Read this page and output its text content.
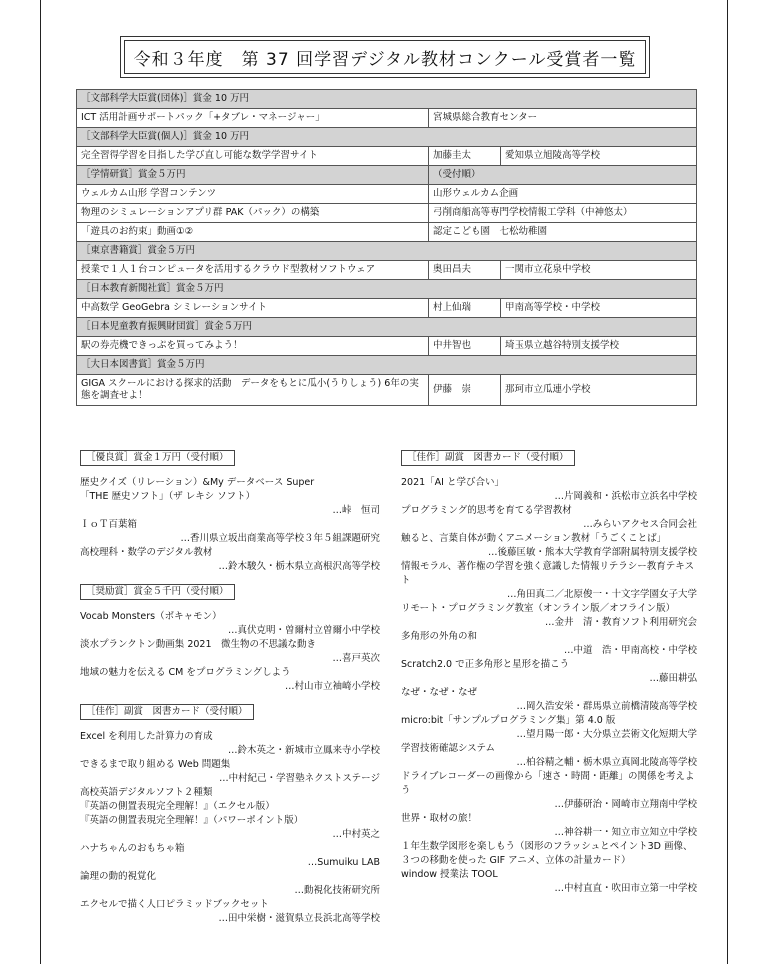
令和３年度　第 37 回学習デジタル教材コンクール受賞者一覧
［文部科学大臣賞(団体)］賞金 10 万円		
ICT 活用計画サポートパック「+タブレ・マネージャー」	宮城県総合教育センター	
［文部科学大臣賞(個人)］賞金 10 万円		
完全習得学習を目指した学び直し可能な数学学習サイト	加藤圭太	愛知県立旭陵高等学校
［学情研賞］賞金５万円	（受付順）	
ウェルカム山形 学習コンテンツ	山形ウェルカム企画	
物理のシミュレーションアプリ群 PAK（パック）の構築	弓削商船高等専門学校情報工学科（中神悠太）	
「遊具のお約束」動画①②	認定こども園　七松幼稚園	
［東京書籍賞］賞金５万円		
授業で１人１台コンピュータを活用するクラウド型教材ソフトウェア	奥田昌夫	一関市立花泉中学校
［日本教育新聞社賞］賞金５万円		
中高数学 GeoGebra シミレーションサイト	村上仙瑞	甲南高等学校・中学校
［日本児童教育振興財団賞］賞金５万円		
駅の券売機できっぷを買ってみよう！	中井智也	埼玉県立越谷特別支援学校
［大日本図書賞］賞金５万円		
GIGA スクールにおける探求的活動　データをもとに瓜小(うりしょう) 6年の実態を調査せよ！	伊藤　崇	那珂市立瓜連小学校
［優良賞］賞金１万円（受付順）
歴史クイズ（リレーション）&My データベース Super
「THE 歴史ソフト」（ザ レキシ ソフト）
…峠　恒司
ＩｏＴ百葉箱
…香川県立坂出商業高等学校３年５組課題研究
高校理科・数学のデジタル教材
…鈴木駿久・栃木県立高根沢高等学校
［奨励賞］賞金５千円（受付順）
Vocab Monsters（ボキャモン）
…真伏克明・曽爾村立曽爾小中学校
淡水プランクトン動画集 2021　微生物の不思議な動き
…喜戸英次
地域の魅力を伝える CM をプログラミングしよう
…村山市立袖崎小学校
［佳作］副賞　図書カード（受付順）
Excel を利用した計算力の育成
…鈴木英之・新城市立鳳来寺小学校
できるまで取り組める Web 問題集
…中村紀己・学習塾ネクストステージ
高校英語デジタルソフト２種類
『英語の側置表現完全理解！』（エクセル版）
『英語の側置表現完全理解！』（パワーポイント版）
…中村英之
ハナちゃんのおもちゃ箱
…Sumuiku LAB
論理の動的視覚化
…動視化技術研究所
エクセルで描く人口ピラミッドブックセット
…田中栄樹・滋賀県立長浜北高等学校
［佳作］副賞　図書カード（受付順）
2021「AI と学び合い」
…片岡義和・浜松市立浜名中学校
プログラミング的思考を育てる学習教材
…みらいアクセス合同会社
触ると、言葉自体が動くアニメーション教材「うごくことば」
…後藤匡敏・熊本大学教育学部附属特別支援学校
情報モラル、著作権の学習を強く意識した情報リテラシー教育テキスト
…角田真二／北原俊一・十文字学園女子大学
リモート・プログラミング教室（オンライン版／オフライン版）
…金井　清・教育ソフト利用研究会
多角形の外角の和
…中道　浩・甲南高校・中学校
Scratch2.0 で正多角形と星形を描こう
…藤田耕弘
なぜ・なぜ・なぜ
…岡久浩安栄・群馬県立前橋清陵高等学校
micro:bit「サンプルプログラミング集」第 4.0 版
…望月陽一郎・大分県立芸術文化短期大学
学習技術確認システム
…柏谷精之輔・栃木県立真岡北陵高等学校
ドライブレコーダーの画像から「速さ・時間・距離」の関係を考えよう
…伊藤研治・岡崎市立翔南中学校
世界・取材の旅！
…神谷耕一・知立市立知立中学校
１年生数学図形を楽しもう（図形のフラッシュとペイント3D 画像、３つの移動を使った GIF アニメ、立体の計量カード）
window 授業法 TOOL
…中村直直・吹田市立第一中学校
